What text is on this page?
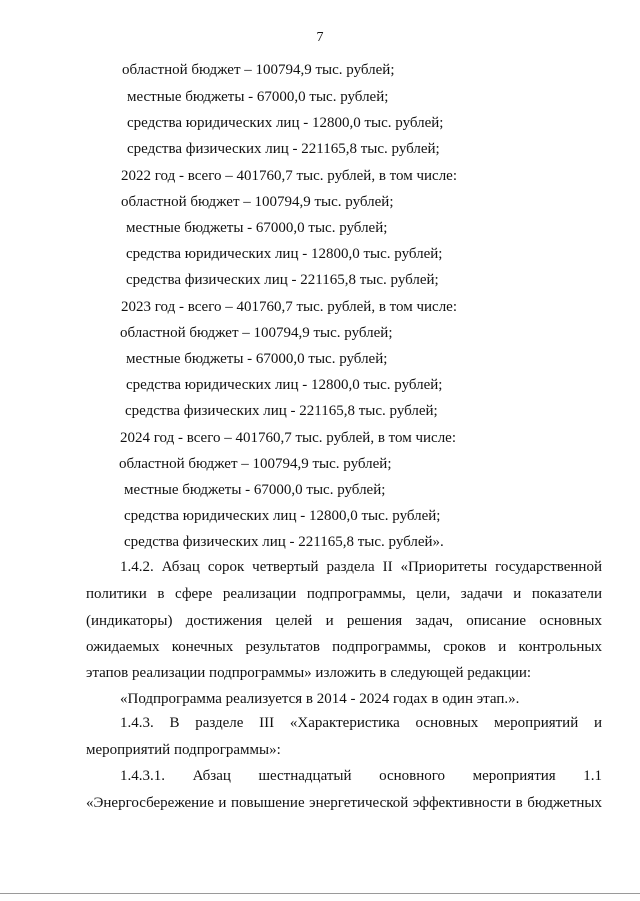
7
областной бюджет – 100794,9 тыс. рублей;
местные бюджеты - 67000,0 тыс. рублей;
средства юридических лиц - 12800,0 тыс. рублей;
средства физических лиц - 221165,8 тыс. рублей;
2022 год - всего – 401760,7 тыс. рублей, в том числе:
областной бюджет – 100794,9 тыс. рублей;
местные бюджеты - 67000,0 тыс. рублей;
средства юридических лиц - 12800,0 тыс. рублей;
средства физических лиц - 221165,8 тыс. рублей;
2023 год - всего – 401760,7 тыс. рублей, в том числе:
областной бюджет – 100794,9 тыс. рублей;
местные бюджеты - 67000,0 тыс. рублей;
средства юридических лиц - 12800,0 тыс. рублей;
средства физических лиц - 221165,8 тыс. рублей;
2024 год - всего – 401760,7 тыс. рублей, в том числе:
областной бюджет – 100794,9 тыс. рублей;
местные бюджеты - 67000,0 тыс. рублей;
средства юридических лиц - 12800,0 тыс. рублей;
средства физических лиц - 221165,8 тыс. рублей».
1.4.2. Абзац сорок четвертый раздела II «Приоритеты государственной
политики в сфере реализации подпрограммы, цели, задачи и показатели
(индикаторы) достижения целей и решения задач, описание основных
ожидаемых конечных результатов подпрограммы, сроков и контрольных
этапов реализации подпрограммы» изложить в следующей редакции:
«Подпрограмма реализуется в 2014 - 2024 годах в один этап.».
1.4.3. В разделе III «Характеристика основных мероприятий и
мероприятий подпрограммы»:
1.4.3.1. Абзац шестнадцатый основного мероприятия 1.1
«Энергосбережение и повышение энергетической эффективности в бюджетных
